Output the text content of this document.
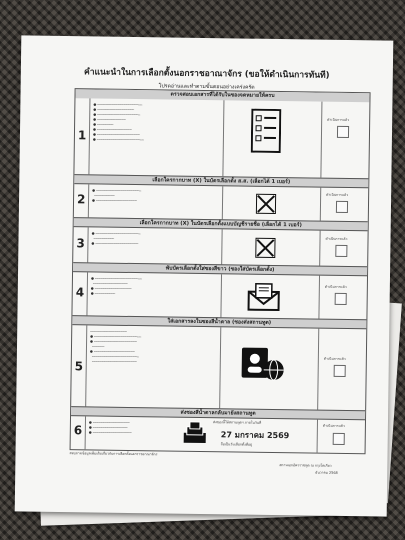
คำแนะนำในการเลือกตั้งนอกราชอาณาจักร (ขอให้ดำเนินการทันที)
โปรดอ่านและทำตามขั้นตอนอย่างเคร่งครัด
ตรวจสอบเอกสารที่ได้รับในซองจดหมายให้ครบ
1
● ──────────────────────
● ──────────────────
● ─────────────────────
● ──────────────
● ────────
● ─────────────────
● ─────────────────────
● ───────────────────────
ดำเนินการแล้ว
เลือกใครกากบาท (X) ในบัตรเลือกตั้ง ส.ส. (เลือกได้ 1 เบอร์)
2
● ──────────────────────
──────────
● ────────────────────
ดำเนินการแล้ว
เลือกใครกากบาท (X) ในบัตรเลือกตั้งแบบบัญชีรายชื่อ (เลือกได้ 1 เบอร์)
3
● ──────────────────────
──────────
● ─────────────────────
ดำเนินการแล้ว
พับบัตรเลือกตั้งใส่ซองสีขาว (ซองใส่บัตรเลือกตั้ง)
4
● ───────────────────────
─────────────────
● ──────────────────
● ──────────
ดำเนินการแล้ว
ใส่เอกสารลงในซองสีน้ำตาล (ซองส่งสถานทูต)
5
──────────────────
● ───────────────────────
● ─────────────────────
──────
● ────────────────────
───────────────────────
──────────────────────
ดำเนินการแล้ว
ส่งซองสีน้ำตาลกลับมายังสถานทูต
6
● ──────────────────
● ─────────────────
● ───────────────────
ส่งซองนี้ให้สถานทูตฯ ภายในวันที่
27 มกราคม 2569
ถือเป็นวันเลือกตั้งที่อยู่
ดำเนินการแล้ว
สอบถามข้อมูลเพิ่มเติมเกี่ยวกับการเลือกตั้งนอกราชอาณาจักร
สถานเอกอัครราชทูต ณ กรุงโตเกียว
ธันวาคม 2568
